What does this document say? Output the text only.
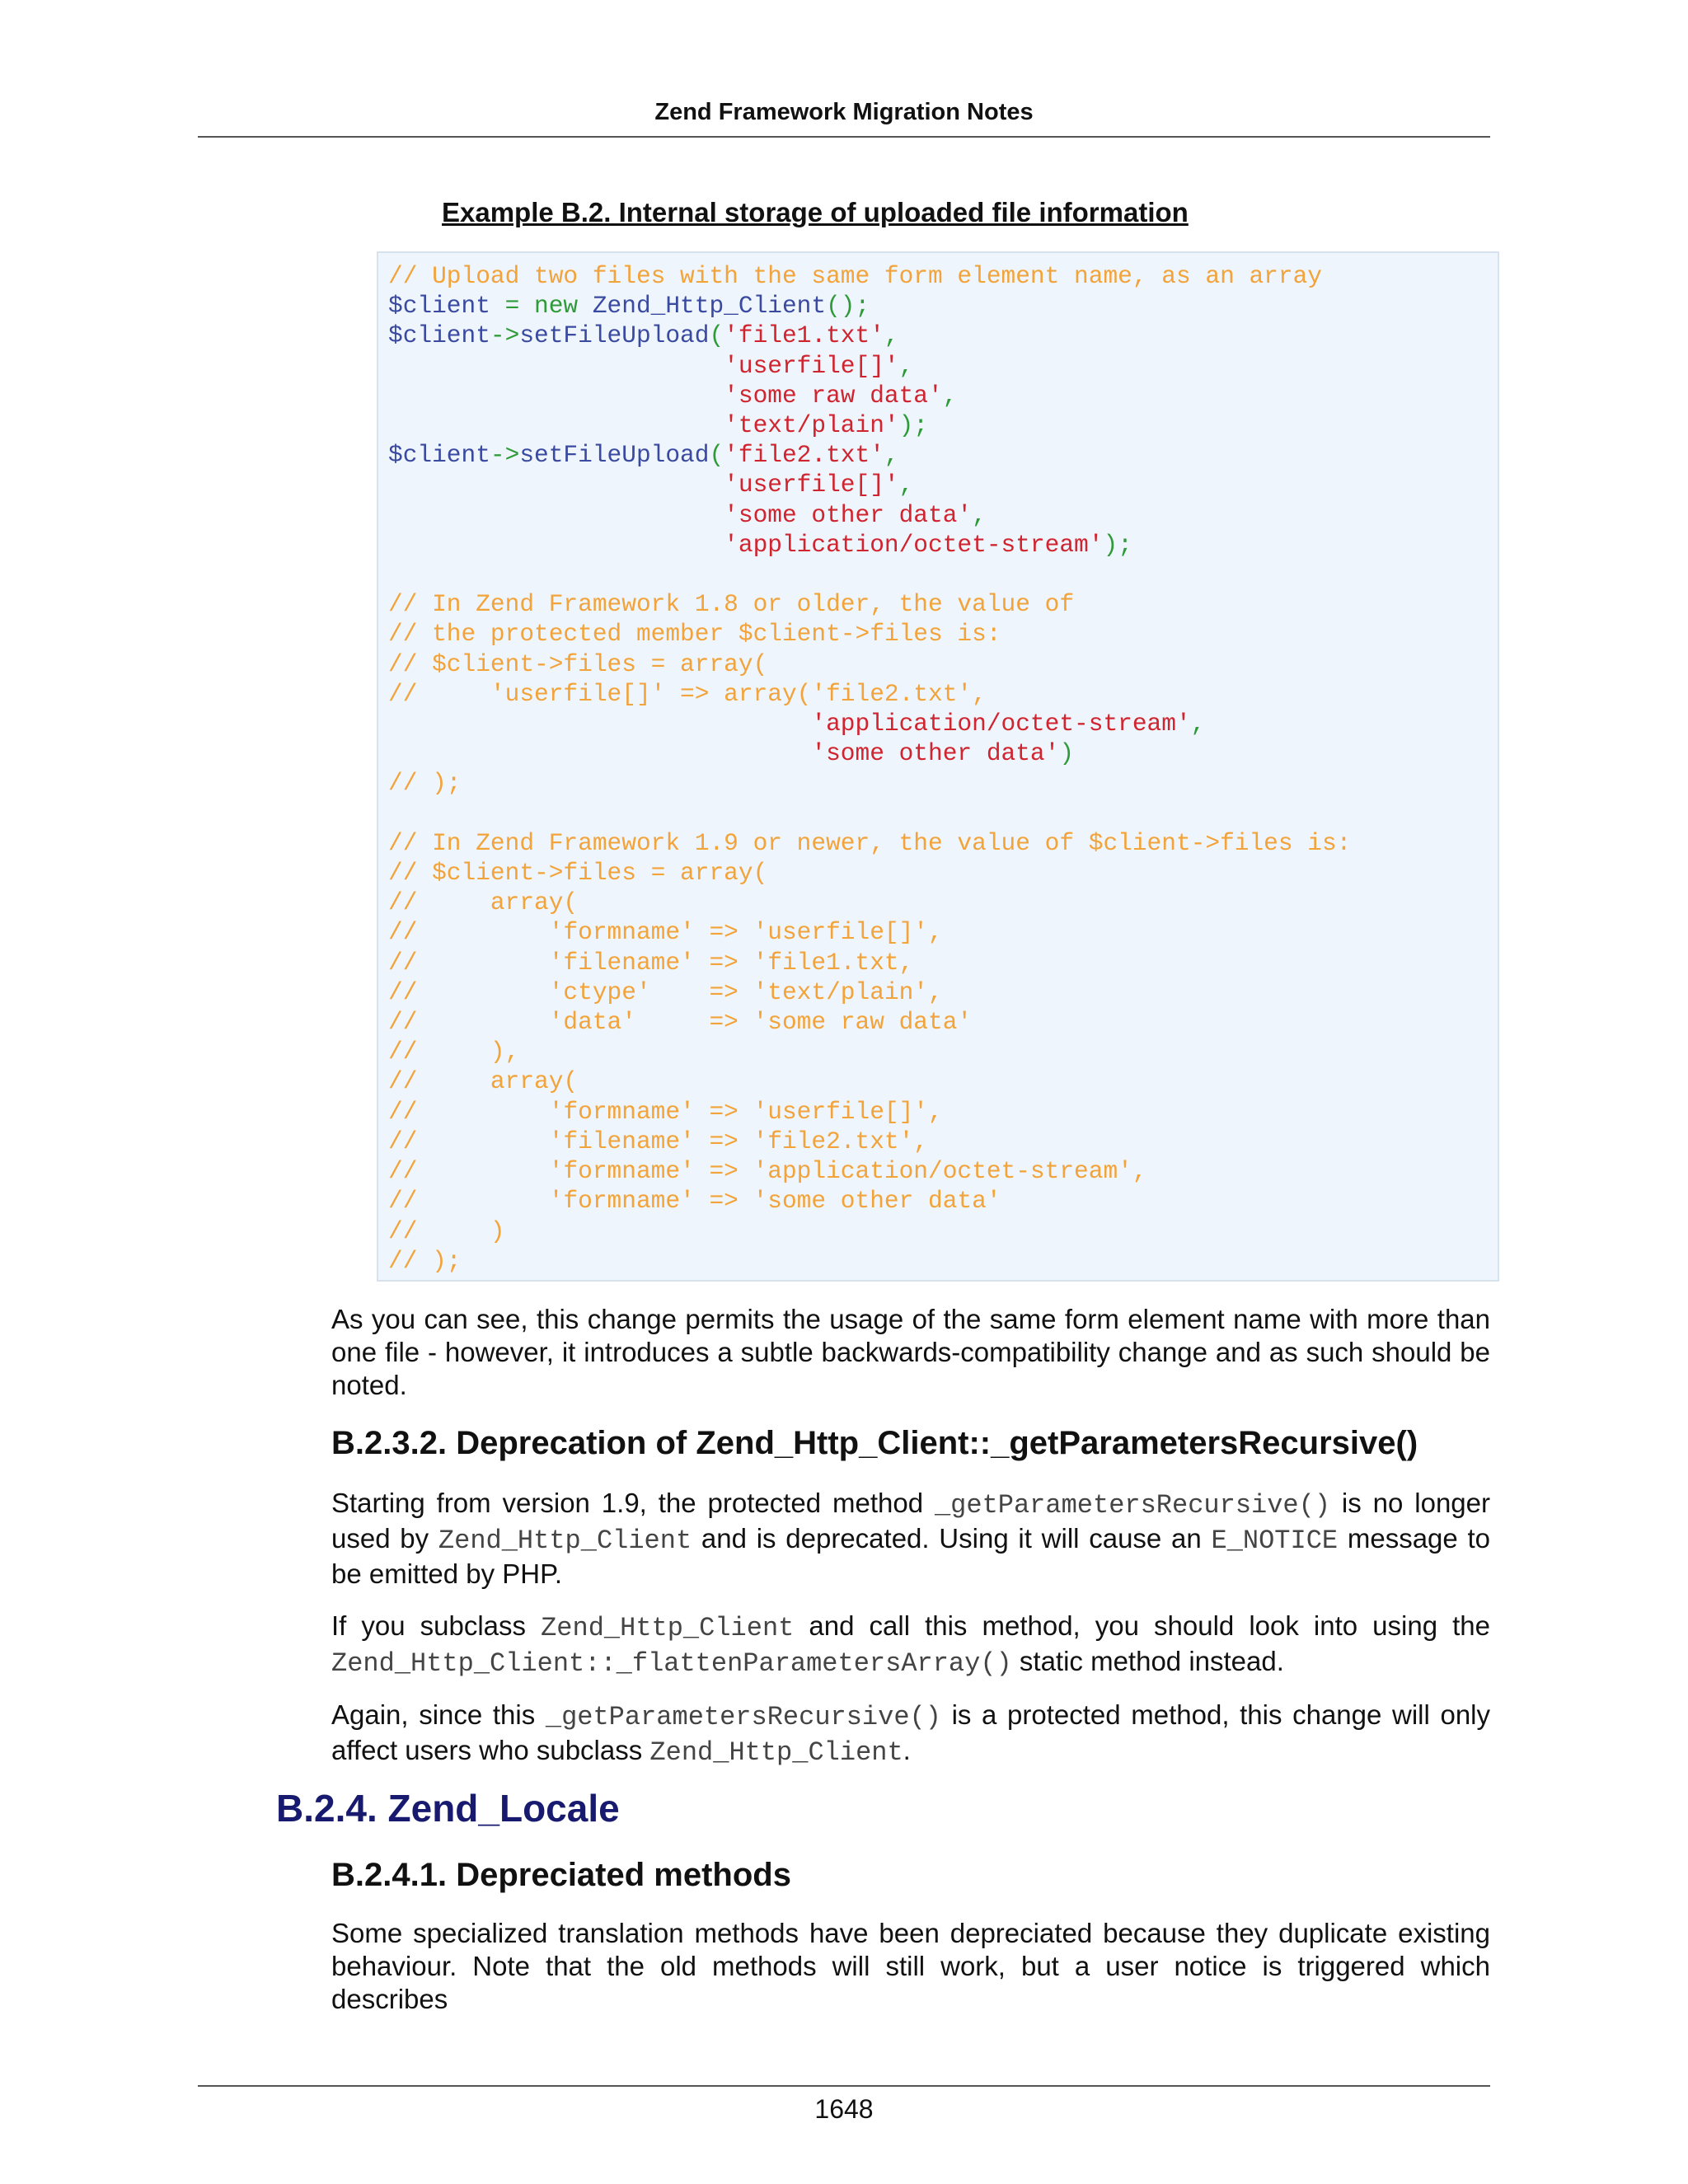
Zend Framework Migration Notes
Example B.2. Internal storage of uploaded file information
// Upload two files with the same form element name, as an array
$client = new Zend_Http_Client();
$client->setFileUpload('file1.txt',
'userfile[]',
'some raw data',
'text/plain');
$client->setFileUpload('file2.txt',
'userfile[]',
'some other data',
'application/octet-stream');

// In Zend Framework 1.8 or older, the value of
// the protected member $client->files is:
// $client->files = array(
//     'userfile[]' => array('file2.txt',
'application/octet-stream',
'some other data')
// );

// In Zend Framework 1.9 or newer, the value of $client->files is:
// $client->files = array(
//     array(
//         'formname' => 'userfile[]',
//         'filename' => 'file1.txt,
//         'ctype'    => 'text/plain',
//         'data'     => 'some raw data'
//     ),
//     array(
//         'formname' => 'userfile[]',
//         'filename' => 'file2.txt',
//         'formname' => 'application/octet-stream',
//         'formname' => 'some other data'
//     )
// );

As you can see, this change permits the usage of the same form element name with more than one file - however, it introduces a subtle backwards-compatibility change and as such should be noted.

B.2.3.2. Deprecation of Zend_Http_Client::_getParametersRecursive()

Starting from version 1.9, the protected method _getParametersRecursive() is no longer used by Zend_Http_Client and is deprecated. Using it will cause an E_NOTICE message to be emitted by PHP.

If you subclass Zend_Http_Client and call this method, you should look into using the Zend_Http_Client::_flattenParametersArray() static method instead.

Again, since this _getParametersRecursive() is a protected method, this change will only affect users who subclass Zend_Http_Client.

B.2.4. Zend_Locale
B.2.4.1. Depreciated methods

Some specialized translation methods have been depreciated because they duplicate existing behaviour. Note that the old methods will still work, but a user notice is triggered which describes

1648
